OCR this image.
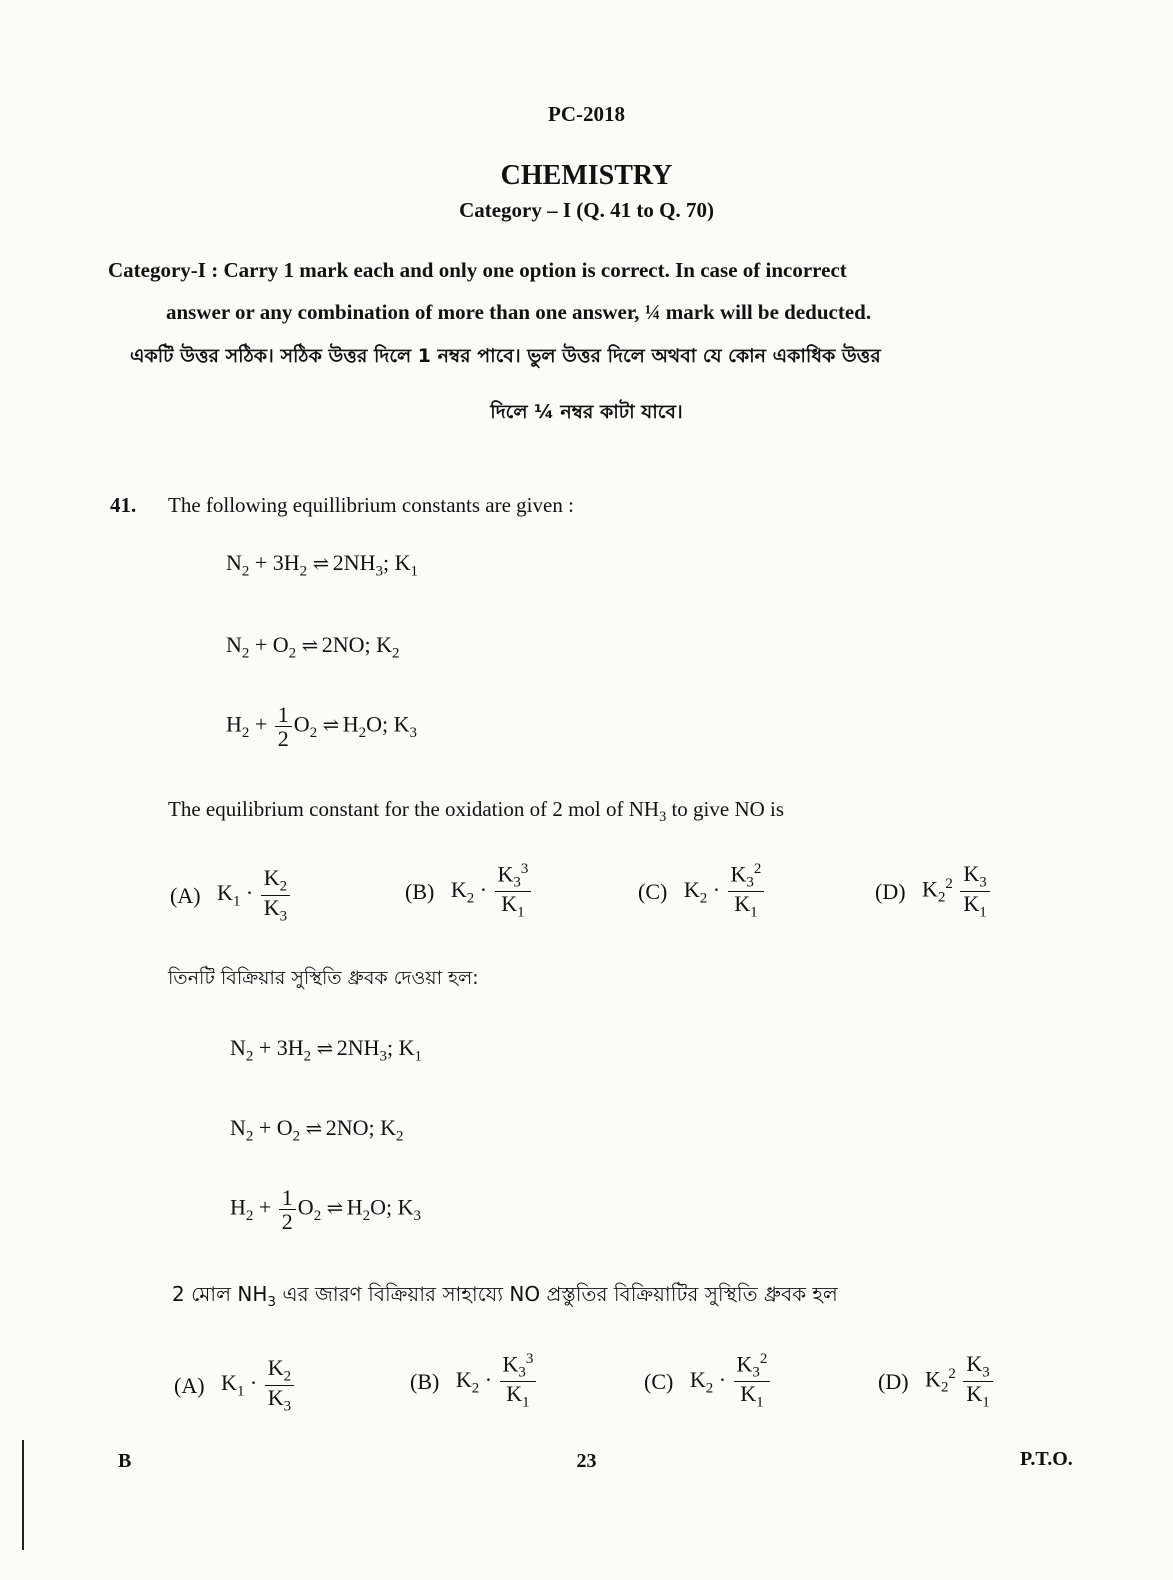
PC-2018
CHEMISTRY
Category – I (Q. 41 to Q. 70)
Category-I : Carry 1 mark each and only one option is correct. In case of incorrect
answer or any combination of more than one answer, ¼ mark will be deducted.
একটি উত্তর সঠিক। সঠিক উত্তর দিলে 1 নম্বর পাবে। ভুল উত্তর দিলে অথবা যে কোন একাধিক উত্তর
দিলে ¼ নম্বর কাটা যাবে।
41. The following equillibrium constants are given :
$N_2 + 3H_2$ ⇌ $2NH_3$; $K_1$
$N_2 + O_2$ ⇌ 2NO; $K_2$
$H_2 + \frac{1}{2} O_2$ ⇌ $H_2O$; $K_3$
The equilibrium constant for the oxidation of 2 mol of $NH_3$ to give NO is
(A) $K_1 \cdot \frac{K_2}{K_3}$	(B) $K_2 \cdot \frac{K_3^3}{K_1}$	(C) $K_2 \cdot \frac{K_3^2}{K_1}$	(D) $K_2^2 \frac{K_3}{K_1}$
তিনটি বিক্রিয়ার সুস্থিতি ধ্রুবক দেওয়া হল:
$N_2 + 3H_2$ ⇌ $2NH_3$; $K_1$
$N_2 + O_2$ ⇌ 2NO; $K_2$
$H_2 + \frac{1}{2} O_2$ ⇌ $H_2O$; $K_3$
2 মোল $NH_3$ এর জারণ বিক্রিয়ার সাহায্যে NO প্রস্তুতির বিক্রিয়াটির সুস্থিতি ধ্রুবক হল
(A) $K_1 \cdot \frac{K_2}{K_3}$	(B) $K_2 \cdot \frac{K_3^3}{K_1}$	(C) $K_2 \cdot \frac{K_3^2}{K_1}$	(D) $K_2^2 \frac{K_3}{K_1}$
B	23	P.T.O.
